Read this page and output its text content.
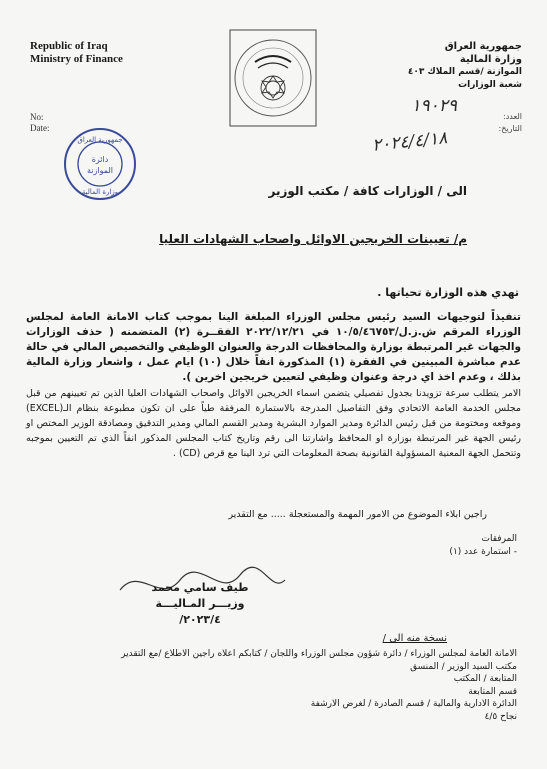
Republic of Iraq
Ministry of Finance
No:
Date:
جمهورية العراق
وزارة المالية
الموازنة /قسم الملاك ٤٠٣
شعبة الوزارات
العدد:
التاريخ:
١٩٠٢٩
٢٠٢٤/٤/١٨
جمهورية العراق
دائرة
الموازنة
وزارة المالية	الى / الوزارات كافة / مكتب الوزير
م/ تعيينات الخريجين الاوائل واصحاب الشهادات العليا
تهدي هذه الوزارة تحياتها .
تنفيذاً لتوجيهات السيد رئيس مجلس الوزراء المبلغة الينا بموجب كتاب الامانة العامة لمجلس الوزراء المرقم ش.ز.ل/١٠/٥/٤٦٧٥٣ في ٢٠٢٢/١٢/٢١ الفقــرة (٢) المتضمنه ( حذف الوزارات والجهات غير المرتبطة بوزارة والمحافظات الدرجة والعنوان الوظيفي والتخصيص المالي في حالة عدم مباشرة المبينين في الفقرة (١) المذكورة انفاً خلال (١٠) ايام عمل ، واشعار وزارة المالية بذلك ، وعدم اخذ اي درجة وعنوان وظيفي لتعيين خريجين اخرين ).
الامر يتطلب سرعة تزويدنا بجدول تفصيلي يتضمن اسماء الخريجين الاوائل واصحاب الشهادات العليا الذين تم تعيينهم من قبل مجلس الخدمة العامة الاتحادي وفق التفاصيل المدرجة بالاستمارة المرفقة طياً على ان تكون مطبوعة بنظام الـ(EXCEL) وموقعه ومختومة من قبل رئيس الدائرة ومدير الموارد البشرية ومدير القسم المالي ومدير التدقيق ومصادقة الوزير المختص او رئيس الجهة غير المرتبطة بوزارة او المحافظ واشارتنا الى رقم وتاريخ كتاب المجلس المذكور انفاً الذي تم التعيين بموجبه وتتحمل الجهة المعنية المسؤولية القانونية بصحة المعلومات التي ترد الينا مع قرص (CD) .
راجين ابلاء الموضوع من الامور المهمة والمستعجلة ..... مع التقدير
المرفقات
- استمارة عدد (١)
طيف سامي محمد
وزيـــر المـاليـــة
٢٠٢٣/٤/
نسخة منه الى /
الامانة العامة لمجلس الوزراء / دائرة شؤون مجلس الوزراء واللجان / كتابكم اعلاه راجين الاطلاع /مع التقدير
مكتب السيد الوزير / المنسق
المتابعة / المكتب
قسم المتابعة
الدائرة الادارية والمالية / قسم الصادرة / لغرض الارشفة
نجاح ٤/٥
